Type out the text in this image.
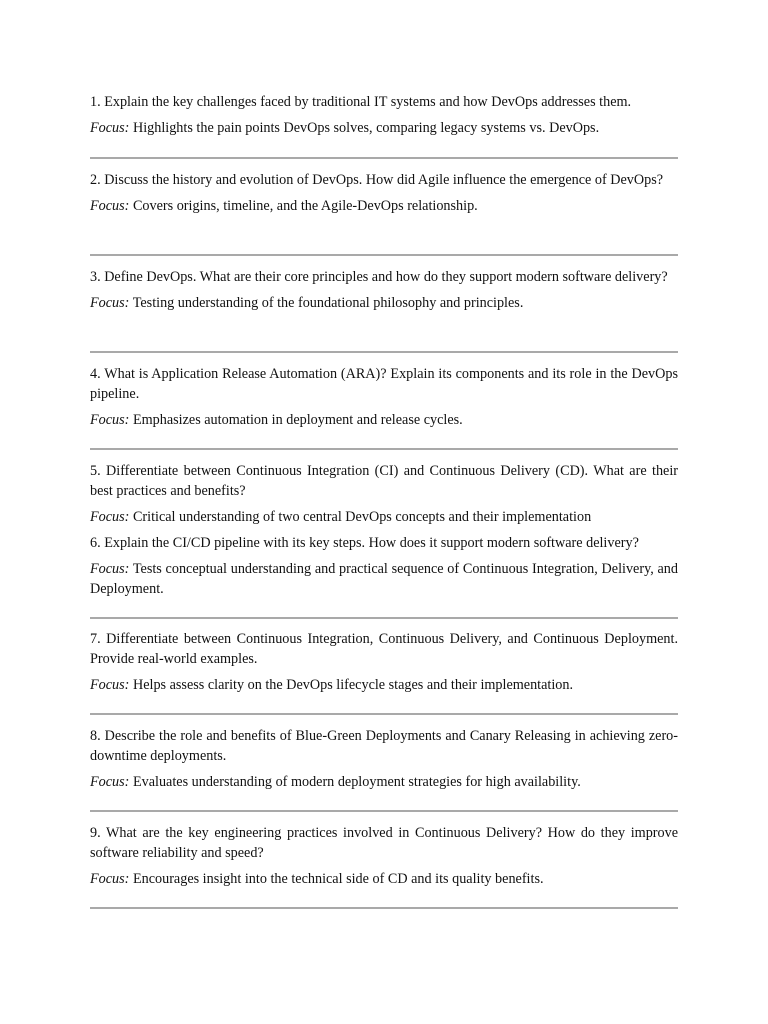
1. Explain the key challenges faced by traditional IT systems and how DevOps addresses them.

Focus: Highlights the pain points DevOps solves, comparing legacy systems vs. DevOps.

2. Discuss the history and evolution of DevOps. How did Agile influence the emergence of DevOps?

Focus: Covers origins, timeline, and the Agile-DevOps relationship.

3. Define DevOps. What are their core principles and how do they support modern software delivery?

Focus: Testing understanding of the foundational philosophy and principles.

4. What is Application Release Automation (ARA)? Explain its components and its role in the DevOps pipeline.

Focus: Emphasizes automation in deployment and release cycles.

5. Differentiate between Continuous Integration (CI) and Continuous Delivery (CD). What are their best practices and benefits?

Focus: Critical understanding of two central DevOps concepts and their implementation

6. Explain the CI/CD pipeline with its key steps. How does it support modern software delivery?

Focus: Tests conceptual understanding and practical sequence of Continuous Integration, Delivery, and Deployment.

7. Differentiate between Continuous Integration, Continuous Delivery, and Continuous Deployment. Provide real-world examples.

Focus: Helps assess clarity on the DevOps lifecycle stages and their implementation.

8. Describe the role and benefits of Blue-Green Deployments and Canary Releasing in achieving zero-downtime deployments.

Focus: Evaluates understanding of modern deployment strategies for high availability.

9. What are the key engineering practices involved in Continuous Delivery? How do they improve software reliability and speed?

Focus: Encourages insight into the technical side of CD and its quality benefits.
